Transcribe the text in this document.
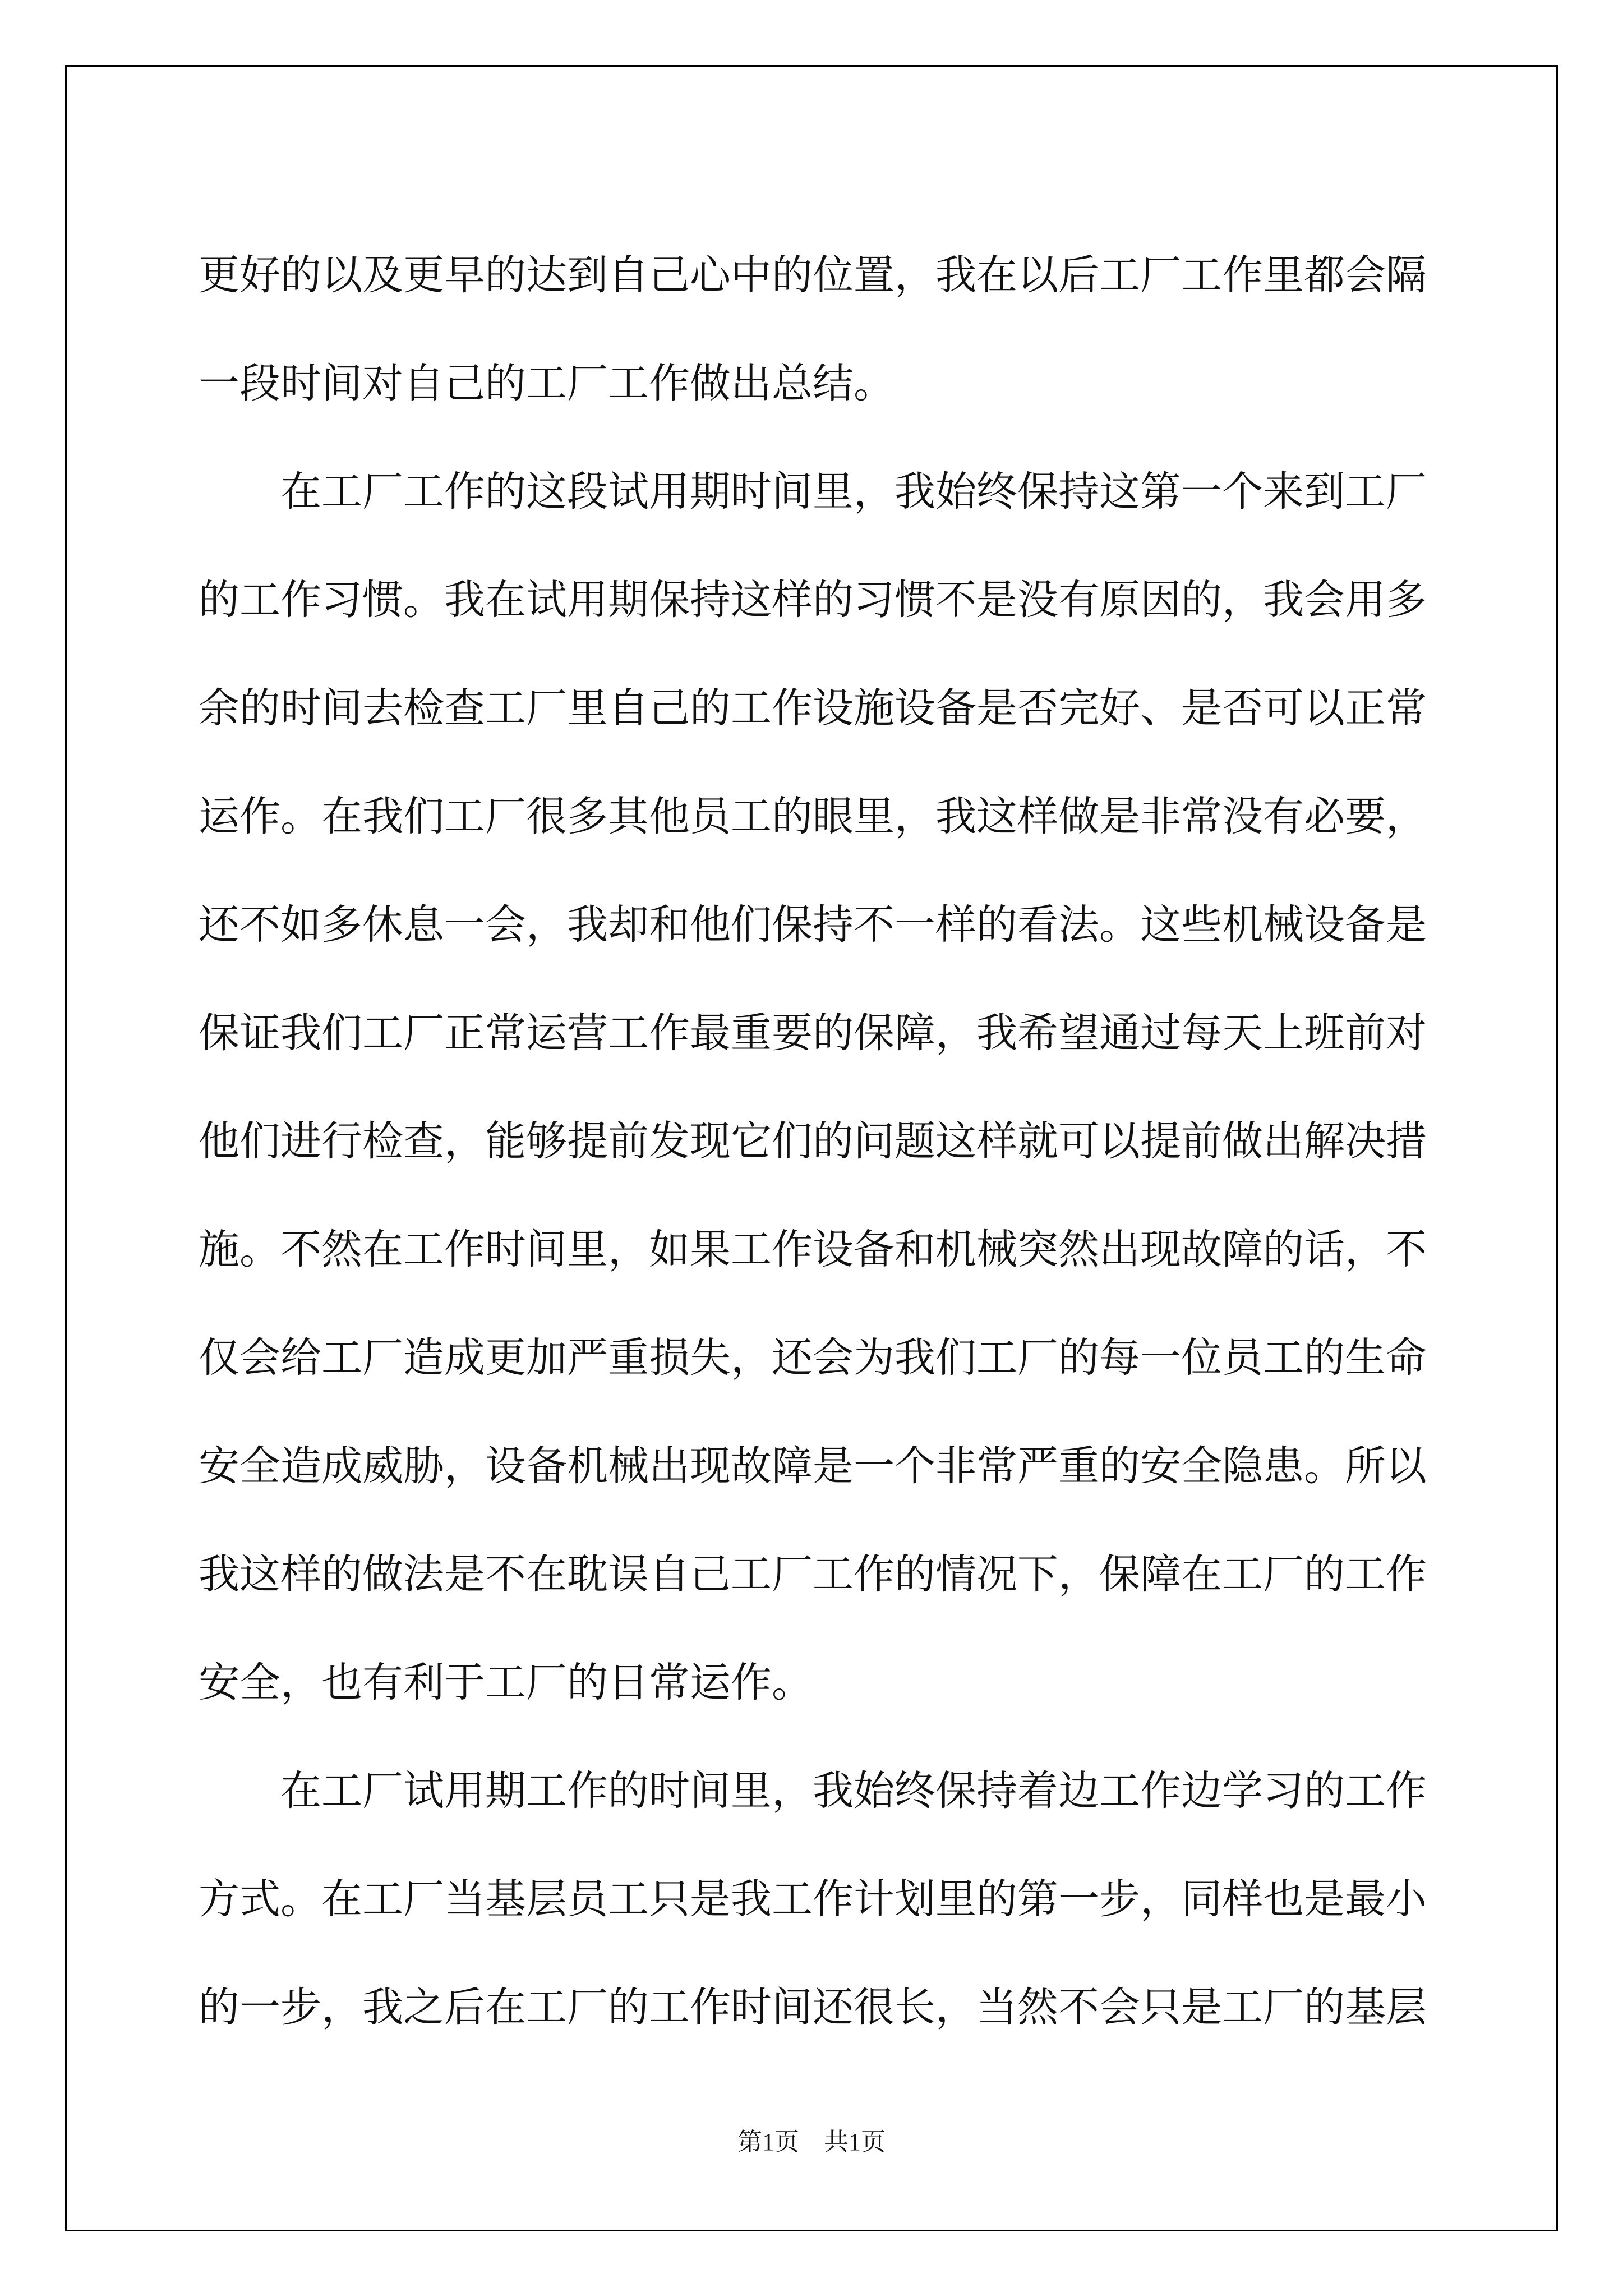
更好的以及更早的达到自己心中的位置，我在以后工厂工作里都会隔一段时间对自己的工厂工作做出总结。

在工厂工作的这段试用期时间里，我始终保持这第一个来到工厂的工作习惯。我在试用期保持这样的习惯不是没有原因的，我会用多余的时间去检查工厂里自己的工作设施设备是否完好、是否可以正常运作。在我们工厂很多其他员工的眼里，我这样做是非常没有必要，还不如多休息一会，我却和他们保持不一样的看法。这些机械设备是保证我们工厂正常运营工作最重要的保障，我希望通过每天上班前对他们进行检查，能够提前发现它们的问题这样就可以提前做出解决措施。不然在工作时间里，如果工作设备和机械突然出现故障的话，不仅会给工厂造成更加严重损失，还会为我们工厂的每一位员工的生命安全造成威胁，设备机械出现故障是一个非常严重的安全隐患。所以我这样的做法是不在耽误自己工厂工作的情况下，保障在工厂的工作安全，也有利于工厂的日常运作。

在工厂试用期工作的时间里，我始终保持着边工作边学习的工作方式。在工厂当基层员工只是我工作计划里的第一步，同样也是最小的一步，我之后在工厂的工作时间还很长，当然不会只是工厂的基层

第1页 共1页
